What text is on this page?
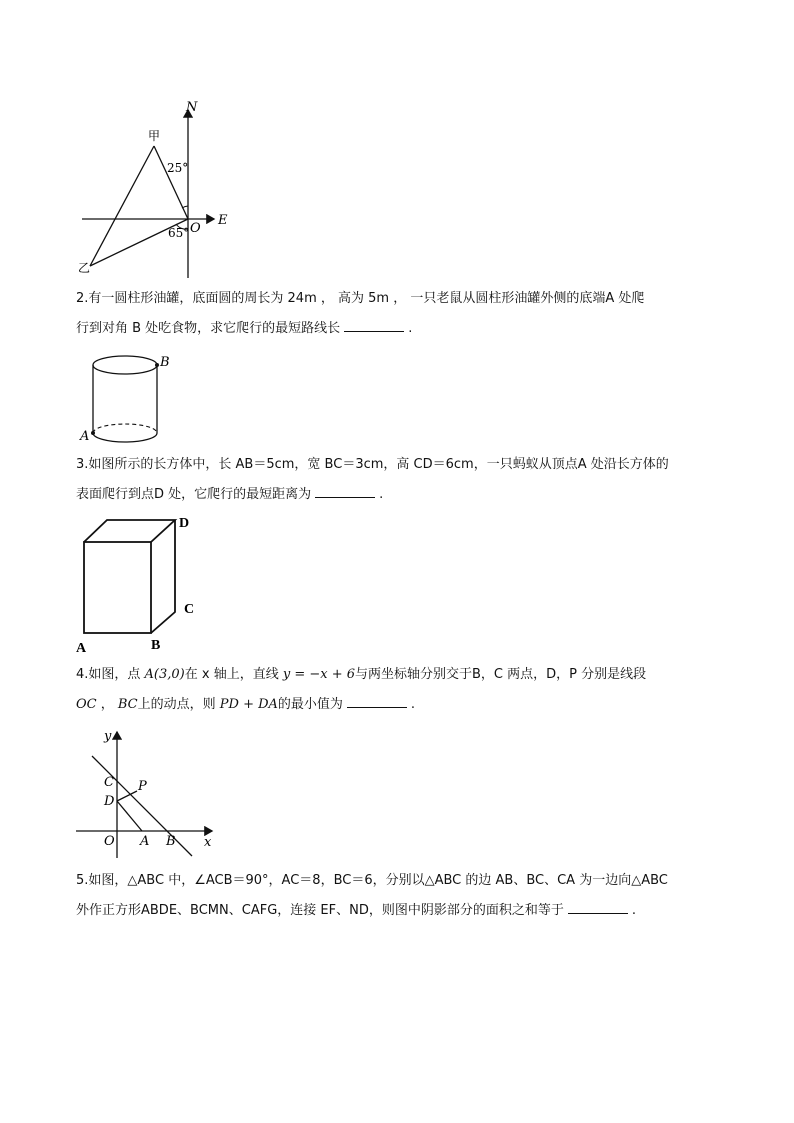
N
E
O
甲
乙
25°
65°
2.有一圆柱形油罐，底面圆的周长为 24m ， 高为 5m ， 一只老鼠从圆柱形油罐外侧的底端A 处爬
行到对角 B 处吃食物，求它爬行的最短路线长	.
B
A
3.如图所示的长方体中，长 AB＝5cm，宽 BC＝3cm，高 CD＝6cm，一只蚂蚁从顶点A 处沿长方体的
表面爬行到点D 处，它爬行的最短距离为	.
D
C
A	B
4.如图，点 A(3,0)在 x 轴上，直线 y = −x + 6与两坐标轴分别交于B，C 两点，D，P 分别是线段
OC ， BC上的动点，则 PD + DA的最小值为	.
y
x
C P
D
O A B
5.如图，△ABC 中，∠ACB＝90°，AC＝8，BC＝6，分别以△ABC 的边 AB、BC、CA 为一边向△ABC
外作正方形ABDE、BCMN、CAFG，连接 EF、ND，则图中阴影部分的面积之和等于	.
